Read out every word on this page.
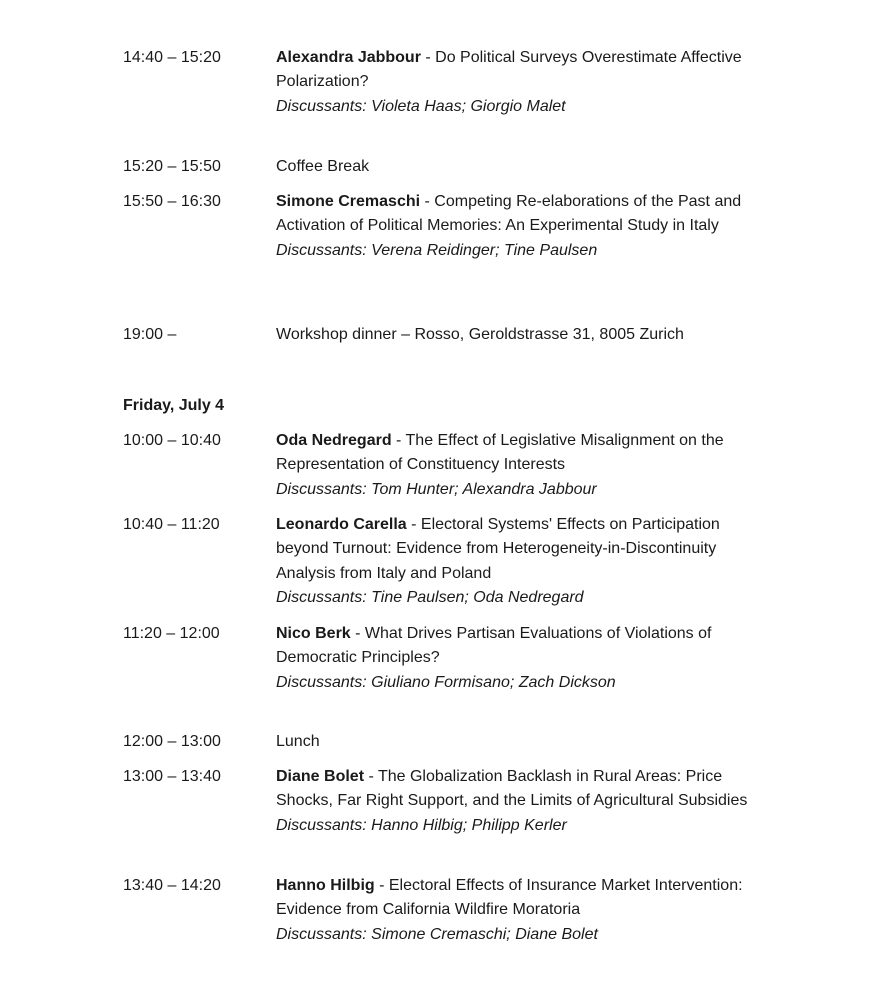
14:40 – 15:20	Alexandra Jabbour - Do Political Surveys Overestimate Affective Polarization?
Discussants: Violeta Haas; Giorgio Malet
15:20 – 15:50	Coffee Break
15:50 – 16:30	Simone Cremaschi - Competing Re-elaborations of the Past and Activation of Political Memories: An Experimental Study in Italy
Discussants: Verena Reidinger; Tine Paulsen
19:00 –	Workshop dinner – Rosso, Geroldstrasse 31, 8005 Zurich
Friday, July 4
10:00 – 10:40	Oda Nedregard - The Effect of Legislative Misalignment on the Representation of Constituency Interests
Discussants: Tom Hunter; Alexandra Jabbour
10:40 – 11:20	Leonardo Carella - Electoral Systems' Effects on Participation beyond Turnout: Evidence from Heterogeneity-in-Discontinuity Analysis from Italy and Poland
Discussants: Tine Paulsen; Oda Nedregard
11:20 – 12:00	Nico Berk - What Drives Partisan Evaluations of Violations of Democratic Principles?
Discussants: Giuliano Formisano; Zach Dickson
12:00 – 13:00	Lunch
13:00 – 13:40	Diane Bolet - The Globalization Backlash in Rural Areas: Price Shocks, Far Right Support, and the Limits of Agricultural Subsidies
Discussants: Hanno Hilbig; Philipp Kerler
13:40 – 14:20	Hanno Hilbig - Electoral Effects of Insurance Market Intervention: Evidence from California Wildfire Moratoria
Discussants: Simone Cremaschi; Diane Bolet
